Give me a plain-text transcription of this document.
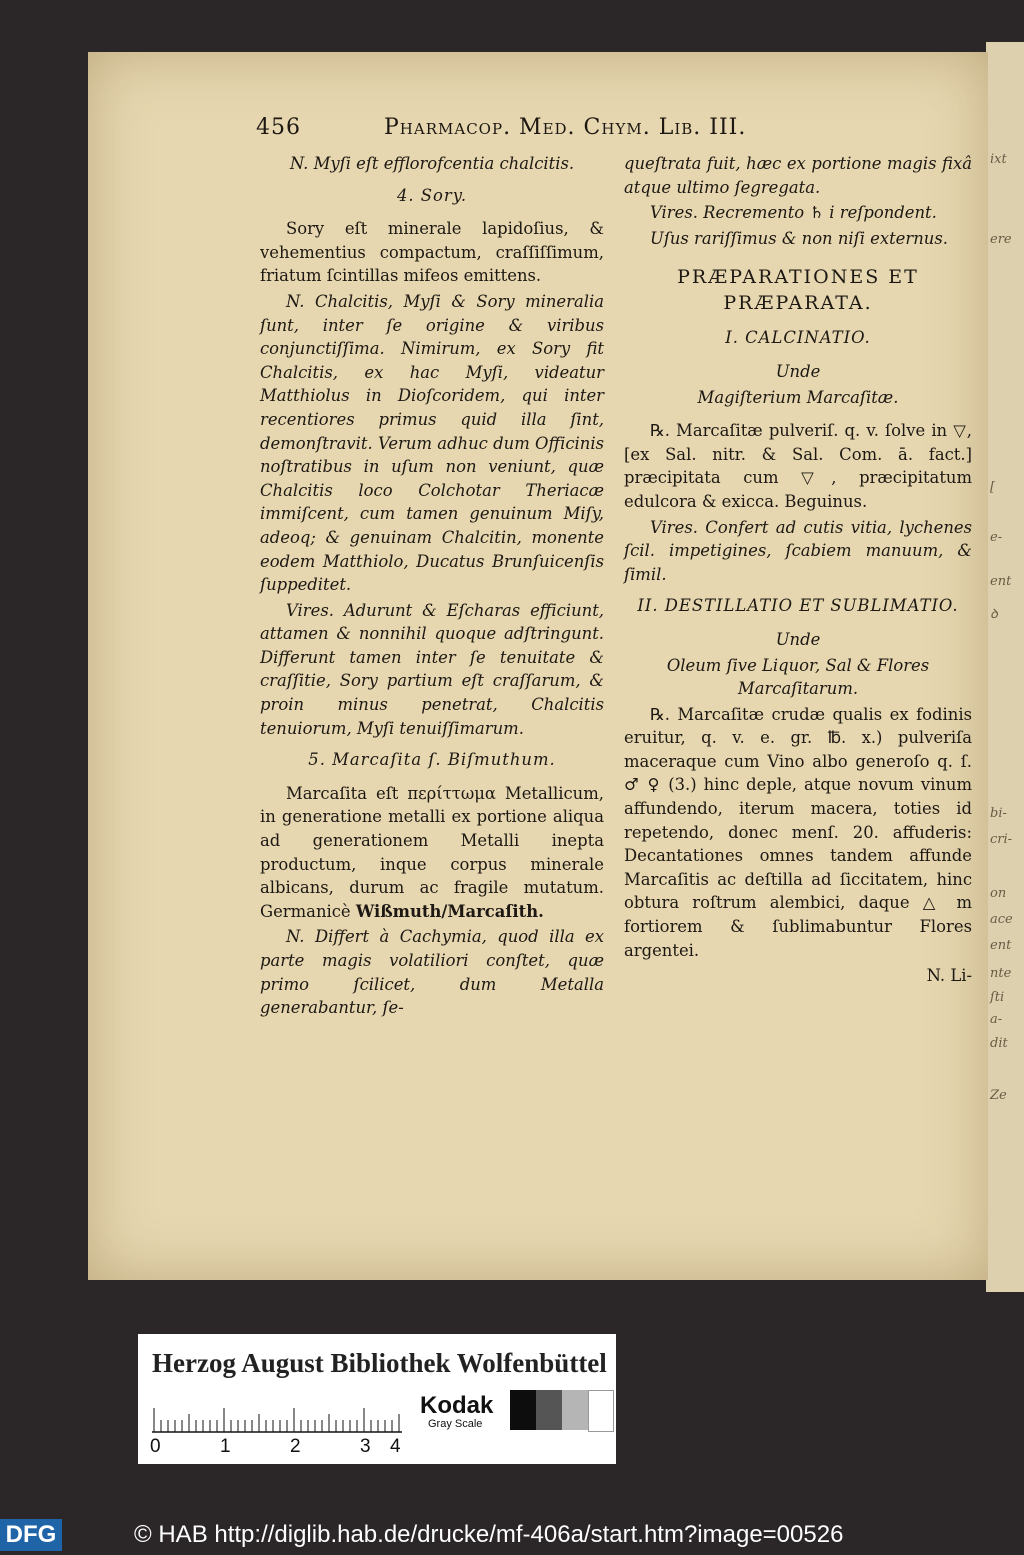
ixt
ere
[
e-
ent
ꝺ
bi-
cri-
on
ace
ent
nte
ſti
a-
dit
Ze
456	Pharmacop. Med. Chym. Lib. III.

N. Myſi eſt efflorofcentia chalcitis.

4. Sory.

Sory eſt minerale lapidoſius, & vehementius compactum, craſſiſſimum, friatum ſcintillas mifeos emittens.

N. Chalcitis, Myſi & Sory mineralia ſunt, inter ſe origine & viribus conjunctiſſima. Nimirum, ex Sory fit Chalcitis, ex hac Myſi, videatur Matthiolus in Dioſcoridem, qui inter recentiores primus quid illa ſint, demonſtravit. Verum adhuc dum Officinis noſtratibus in uſum non veniunt, quæ Chalcitis loco Colchotar Theriacæ immiſcent, cum tamen genuinum Miſy, adeoq; & genuinam Chalcitin, monente eodem Matthiolo, Ducatus Brunſuicenſis ſuppeditet.

Vires. Adurunt & Eſcharas efficiunt, attamen & nonnihil quoque adſtringunt. Differunt tamen inter ſe tenuitate & craſſitie, Sory partium eſt craſſarum, & proin minus penetrat, Chalcitis tenuiorum, Myſi tenuiſſimarum.

5. Marcaſita ſ. Biſmuthum.

Marcaſita eſt περίττωμα Metallicum, in generatione metalli ex portione aliqua ad generationem Metalli inepta productum, inque corpus minerale albicans, durum ac fragile mutatum. Germanicè Wißmuth/Marcaſith.

N. Differt à Cachymia, quod illa ex parte magis volatiliori conſtet, quæ primo ſcilicet, dum Metalla generabantur, ſe-

queſtrata fuit, hæc ex portione magis fixâ atque ultimo ſegregata.

Vires. Recremento ♄ i reſpondent.

Uſus rariſſimus & non niſi externus.

PRÆPARATIONES ET PRÆPARATA.

I. CALCINATIO.

Unde

Magiſterium Marcaſitæ.

℞. Marcaſitæ pulveriſ. q. v. ſolve in ▽, [ex Sal. nitr. & Sal. Com. ā. fact.] præcipitata cum ▽, præcipitatum edulcora & exicca. Beguinus.

Vires. Confert ad cutis vitia, lychenes ſcil. impetigines, ſcabiem manuum, & ſimil.

II. DESTILLATIO ET SUBLIMATIO.

Unde

Oleum ſive Liquor, Sal & Flores Marcaſitarum.

℞. Marcaſitæ crudæ qualis ex fodinis eruitur, q. v. e. gr. ℔. x.) pulveriſa maceraque cum Vino albo generoſo q. ſ. ♂ ♀ (3.) hinc deple, atque novum vinum affundendo, iterum macera, toties id repetendo, donec menſ. 20. affuderis: Decantationes omnes tandem affunde Marcaſitis ac deſtilla ad ſiccitatem, hinc obtura roſtrum alembici, daque △ m fortiorem & ſublimabuntur Flores argentei.

N. Li-

Herzog August Bibliothek Wolfenbüttel
0	1	2	3 4
Kodak
Gray Scale
DFG	© HAB http://diglib.hab.de/drucke/mf-406a/start.htm?image=00526
